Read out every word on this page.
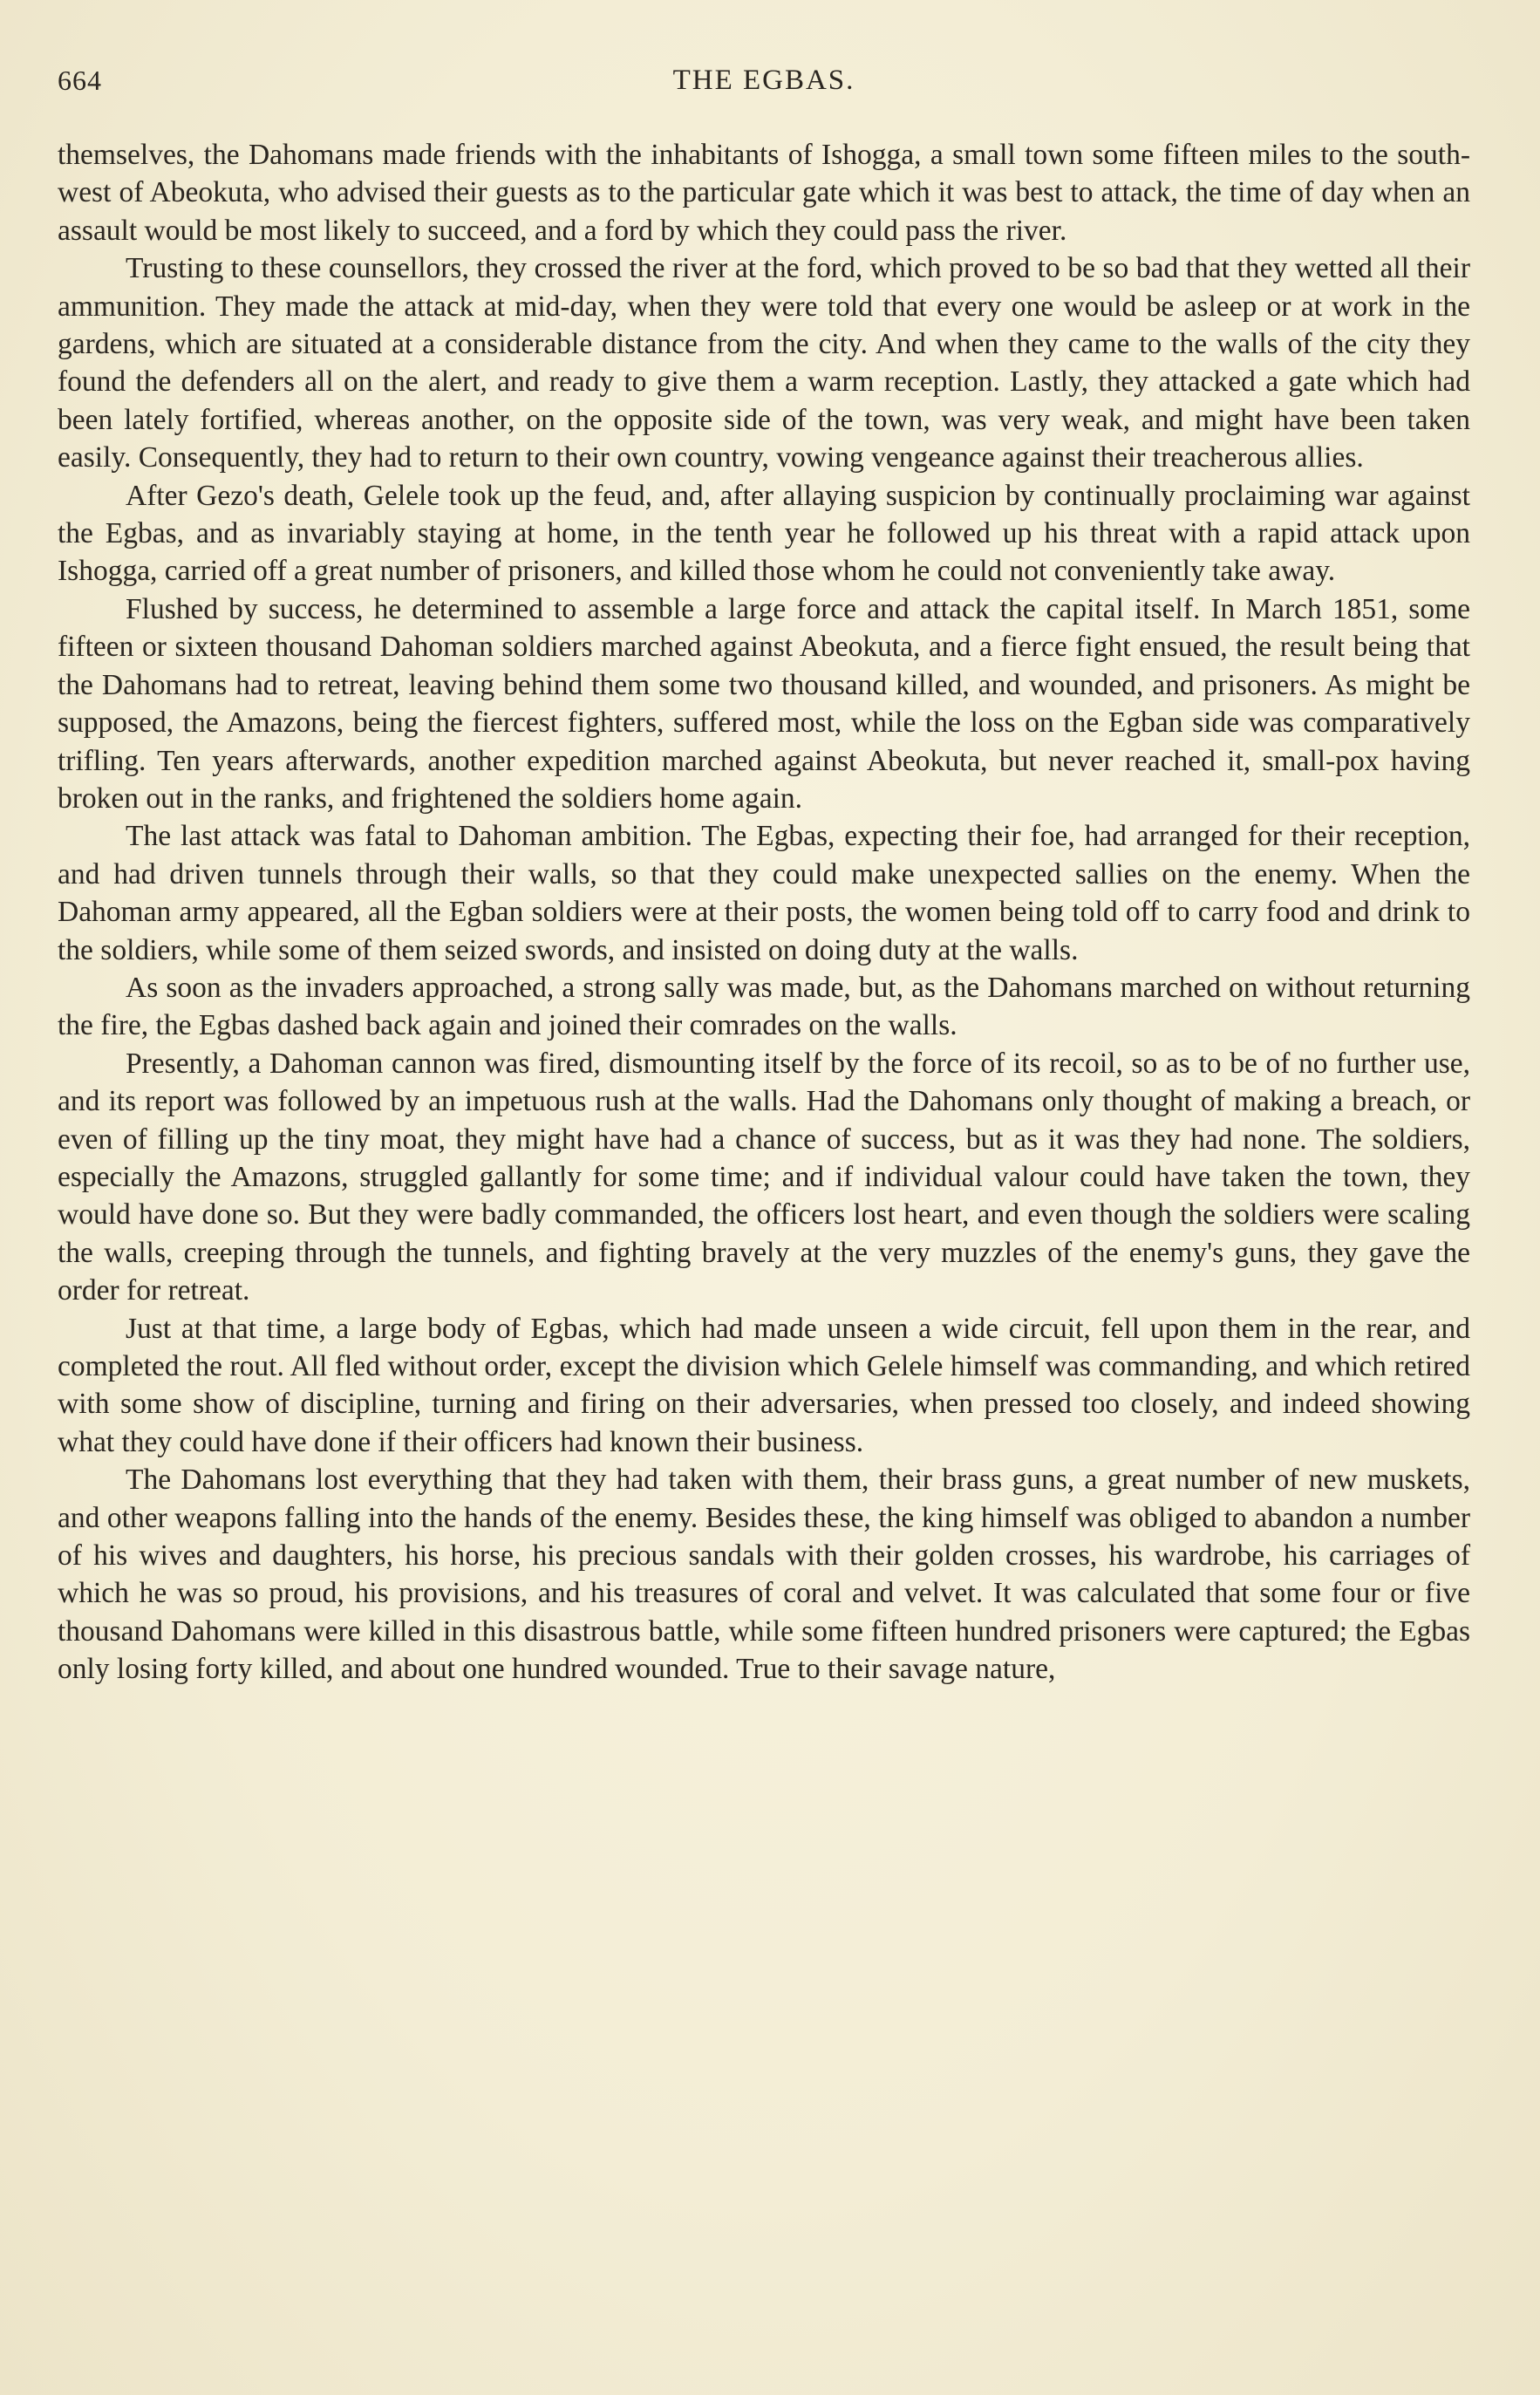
664	THE EGBAS.

themselves, the Dahomans made friends with the inhabitants of Ishogga, a small town some fifteen miles to the south-west of Abeokuta, who advised their guests as to the particular gate which it was best to attack, the time of day when an assault would be most likely to succeed, and a ford by which they could pass the river.

Trusting to these counsellors, they crossed the river at the ford, which proved to be so bad that they wetted all their ammunition. They made the attack at mid-day, when they were told that every one would be asleep or at work in the gardens, which are situated at a considerable distance from the city. And when they came to the walls of the city they found the defenders all on the alert, and ready to give them a warm reception. Lastly, they attacked a gate which had been lately fortified, whereas another, on the opposite side of the town, was very weak, and might have been taken easily. Consequently, they had to return to their own country, vowing vengeance against their treacherous allies.

After Gezo's death, Gelele took up the feud, and, after allaying suspicion by continually proclaiming war against the Egbas, and as invariably staying at home, in the tenth year he followed up his threat with a rapid attack upon Ishogga, carried off a great number of prisoners, and killed those whom he could not conveniently take away.

Flushed by success, he determined to assemble a large force and attack the capital itself. In March 1851, some fifteen or sixteen thousand Dahoman soldiers marched against Abeokuta, and a fierce fight ensued, the result being that the Dahomans had to retreat, leaving behind them some two thousand killed, and wounded, and prisoners. As might be supposed, the Amazons, being the fiercest fighters, suffered most, while the loss on the Egban side was comparatively trifling. Ten years afterwards, another expedition marched against Abeokuta, but never reached it, small-pox having broken out in the ranks, and frightened the soldiers home again.

The last attack was fatal to Dahoman ambition. The Egbas, expecting their foe, had arranged for their reception, and had driven tunnels through their walls, so that they could make unexpected sallies on the enemy. When the Dahoman army appeared, all the Egban soldiers were at their posts, the women being told off to carry food and drink to the soldiers, while some of them seized swords, and insisted on doing duty at the walls.

As soon as the invaders approached, a strong sally was made, but, as the Dahomans marched on without returning the fire, the Egbas dashed back again and joined their comrades on the walls.

Presently, a Dahoman cannon was fired, dismounting itself by the force of its recoil, so as to be of no further use, and its report was followed by an impetuous rush at the walls. Had the Dahomans only thought of making a breach, or even of filling up the tiny moat, they might have had a chance of success, but as it was they had none. The soldiers, especially the Amazons, struggled gallantly for some time; and if individual valour could have taken the town, they would have done so. But they were badly commanded, the officers lost heart, and even though the soldiers were scaling the walls, creeping through the tunnels, and fighting bravely at the very muzzles of the enemy's guns, they gave the order for retreat.

Just at that time, a large body of Egbas, which had made unseen a wide circuit, fell upon them in the rear, and completed the rout. All fled without order, except the division which Gelele himself was commanding, and which retired with some show of discipline, turning and firing on their adversaries, when pressed too closely, and indeed showing what they could have done if their officers had known their business.

The Dahomans lost everything that they had taken with them, their brass guns, a great number of new muskets, and other weapons falling into the hands of the enemy. Besides these, the king himself was obliged to abandon a number of his wives and daughters, his horse, his precious sandals with their golden crosses, his wardrobe, his carriages of which he was so proud, his provisions, and his treasures of coral and velvet. It was calculated that some four or five thousand Dahomans were killed in this disastrous battle, while some fifteen hundred prisoners were captured; the Egbas only losing forty killed, and about one hundred wounded. True to their savage nature,
